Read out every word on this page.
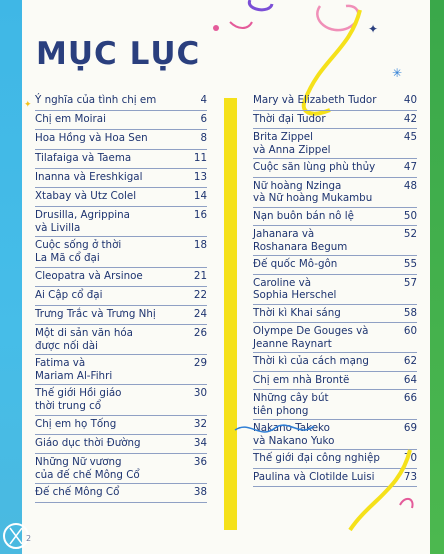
✦
✳
✦
MỤC LỤC
Ý nghĩa của tình chị em	4
Chị em Moirai	6
Hoa Hồng và Hoa Sen	8
Tilafaiga và Taema	11
Inanna và Ereshkigal	13
Xtabay và Utz Colel	14
Drusilla, Agrippina
và Livilla
16
Cuộc sống ở thời
La Mã cổ đại
18
Cleopatra và Arsinoe	21
Ai Cập cổ đại	22
Trưng Trắc và Trưng Nhị	24
Một di sản văn hóa
được nối dài
26
Fatima và
Mariam Al-Fihri
29
Thế giới Hồi giáo
thời trung cổ
30
Chị em họ Tống	32
Giáo dục thời Đường	34
Những Nữ vương
của đế chế Mông Cổ
36
Đế chế Mông Cổ	38
Mary và Elizabeth Tudor	40
Thời đại Tudor	42
Brita Zippel
và Anna Zippel
45
Cuộc săn lùng phù thủy	47
Nữ hoàng Nzinga
và Nữ hoàng Mukambu
48
Nạn buôn bán nô lệ	50
Jahanara và
Roshanara Begum
52
Đế quốc Mô-gôn	55
Caroline và
Sophia Herschel
57
Thời kì Khai sáng	58
Olympe De Gouges và
Jeanne Raynart
60
Thời kì của cách mạng	62
Chị em nhà Brontë	64
Những cây bút
tiên phong
66
Nakano Takeko
và Nakano Yuko
69
Thế giới đại công nghiệp	70
Paulina và Clotilde Luisi	73
2
